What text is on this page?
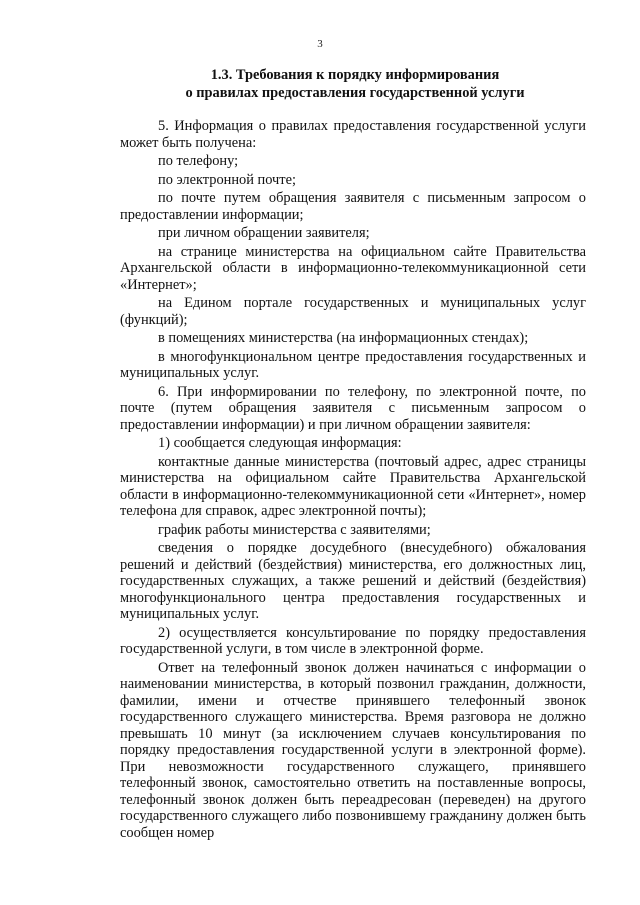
3
1.3. Требования к порядку информирования
о правилах предоставления государственной услуги

5. Информация о правилах предоставления государственной услуги может быть получена:

по телефону;

по электронной почте;

по почте путем обращения заявителя с письменным запросом о предоставлении информации;

при личном обращении заявителя;

на странице министерства на официальном сайте Правительства Архангельской области в информационно-телекоммуникационной сети «Интернет»;

на Едином портале государственных и муниципальных услуг (функций);

в помещениях министерства (на информационных стендах);

в многофункциональном центре предоставления государственных и муниципальных услуг.

6. При информировании по телефону, по электронной почте, по почте (путем обращения заявителя с письменным запросом о предоставлении информации) и при личном обращении заявителя:

1) сообщается следующая информация:

контактные данные министерства (почтовый адрес, адрес страницы министерства на официальном сайте Правительства Архангельской области в информационно-телекоммуникационной сети «Интернет», номер телефона для справок, адрес электронной почты);

график работы министерства с заявителями;

сведения о порядке досудебного (внесудебного) обжалования решений и действий (бездействия) министерства, его должностных лиц, государственных служащих, а также решений и действий (бездействия) многофункционального центра предоставления государственных и муниципальных услуг.

2) осуществляется консультирование по порядку предоставления государственной услуги, в том числе в электронной форме.

Ответ на телефонный звонок должен начинаться с информации о наименовании министерства, в который позвонил гражданин, должности, фамилии, имени и отчестве принявшего телефонный звонок государственного служащего министерства. Время разговора не должно превышать 10 минут (за исключением случаев консультирования по порядку предоставления государственной услуги в электронной форме). При невозможности государственного служащего, принявшего телефонный звонок, самостоятельно ответить на поставленные вопросы, телефонный звонок должен быть переадресован (переведен) на другого государственного служащего либо позвонившему гражданину должен быть сообщен номер
